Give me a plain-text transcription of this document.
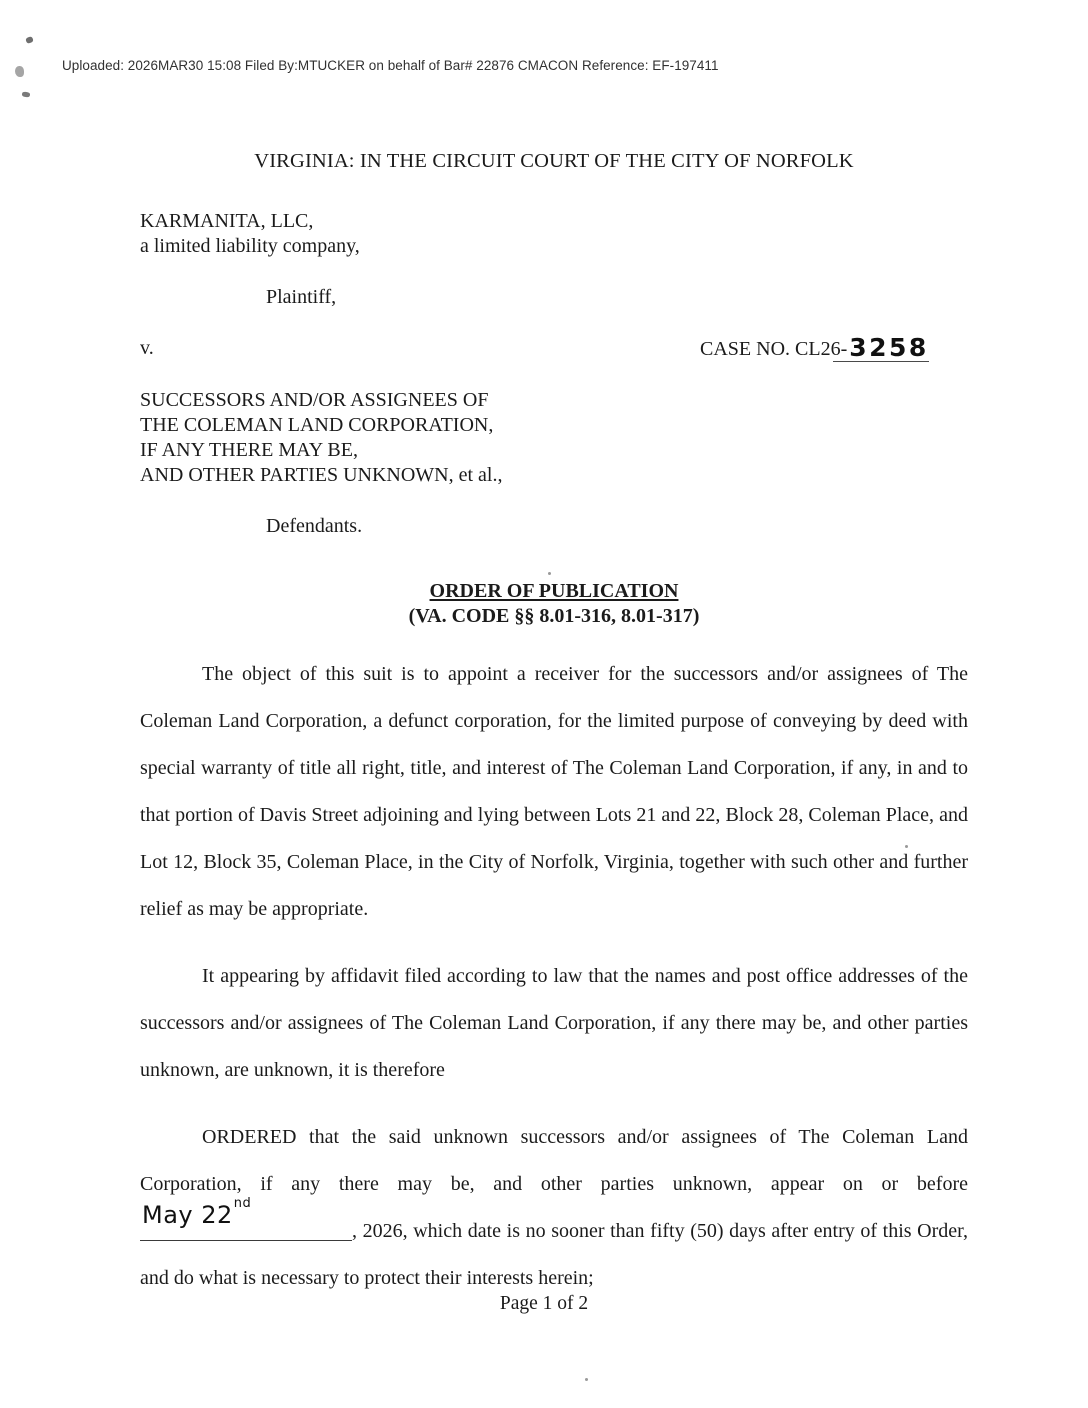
Uploaded: 2026MAR30 15:08 Filed By:MTUCKER on behalf of Bar# 22876 CMACON Reference: EF-197411
VIRGINIA: IN THE CIRCUIT COURT OF THE CITY OF NORFOLK
KARMANITA, LLC,
a limited liability company,
Plaintiff,
v.	CASE NO. CL26-3258
SUCCESSORS AND/OR ASSIGNEES OF
THE COLEMAN LAND CORPORATION,
IF ANY THERE MAY BE,
AND OTHER PARTIES UNKNOWN, et al.,
Defendants.
ORDER OF PUBLICATION
(VA. CODE §§ 8.01-316, 8.01-317)

The object of this suit is to appoint a receiver for the successors and/or assignees of The Coleman Land Corporation, a defunct corporation, for the limited purpose of conveying by deed with special warranty of title all right, title, and interest of The Coleman Land Corporation, if any, in and to that portion of Davis Street adjoining and lying between Lots 21 and 22, Block 28, Coleman Place, and Lot 12, Block 35, Coleman Place, in the City of Norfolk, Virginia, together with such other and further relief as may be appropriate.

It appearing by affidavit filed according to law that the names and post office addresses of the successors and/or assignees of The Coleman Land Corporation, if any there may be, and other parties unknown, are unknown, it is therefore

ORDERED that the said unknown successors and/or assignees of The Coleman Land Corporation, if any there may be, and other parties unknown, appear on or before
May 22nd
, 2026, which date is no sooner than fifty (50) days after entry of this Order, and do what is necessary to protect their interests herein;

Page 1 of 2
